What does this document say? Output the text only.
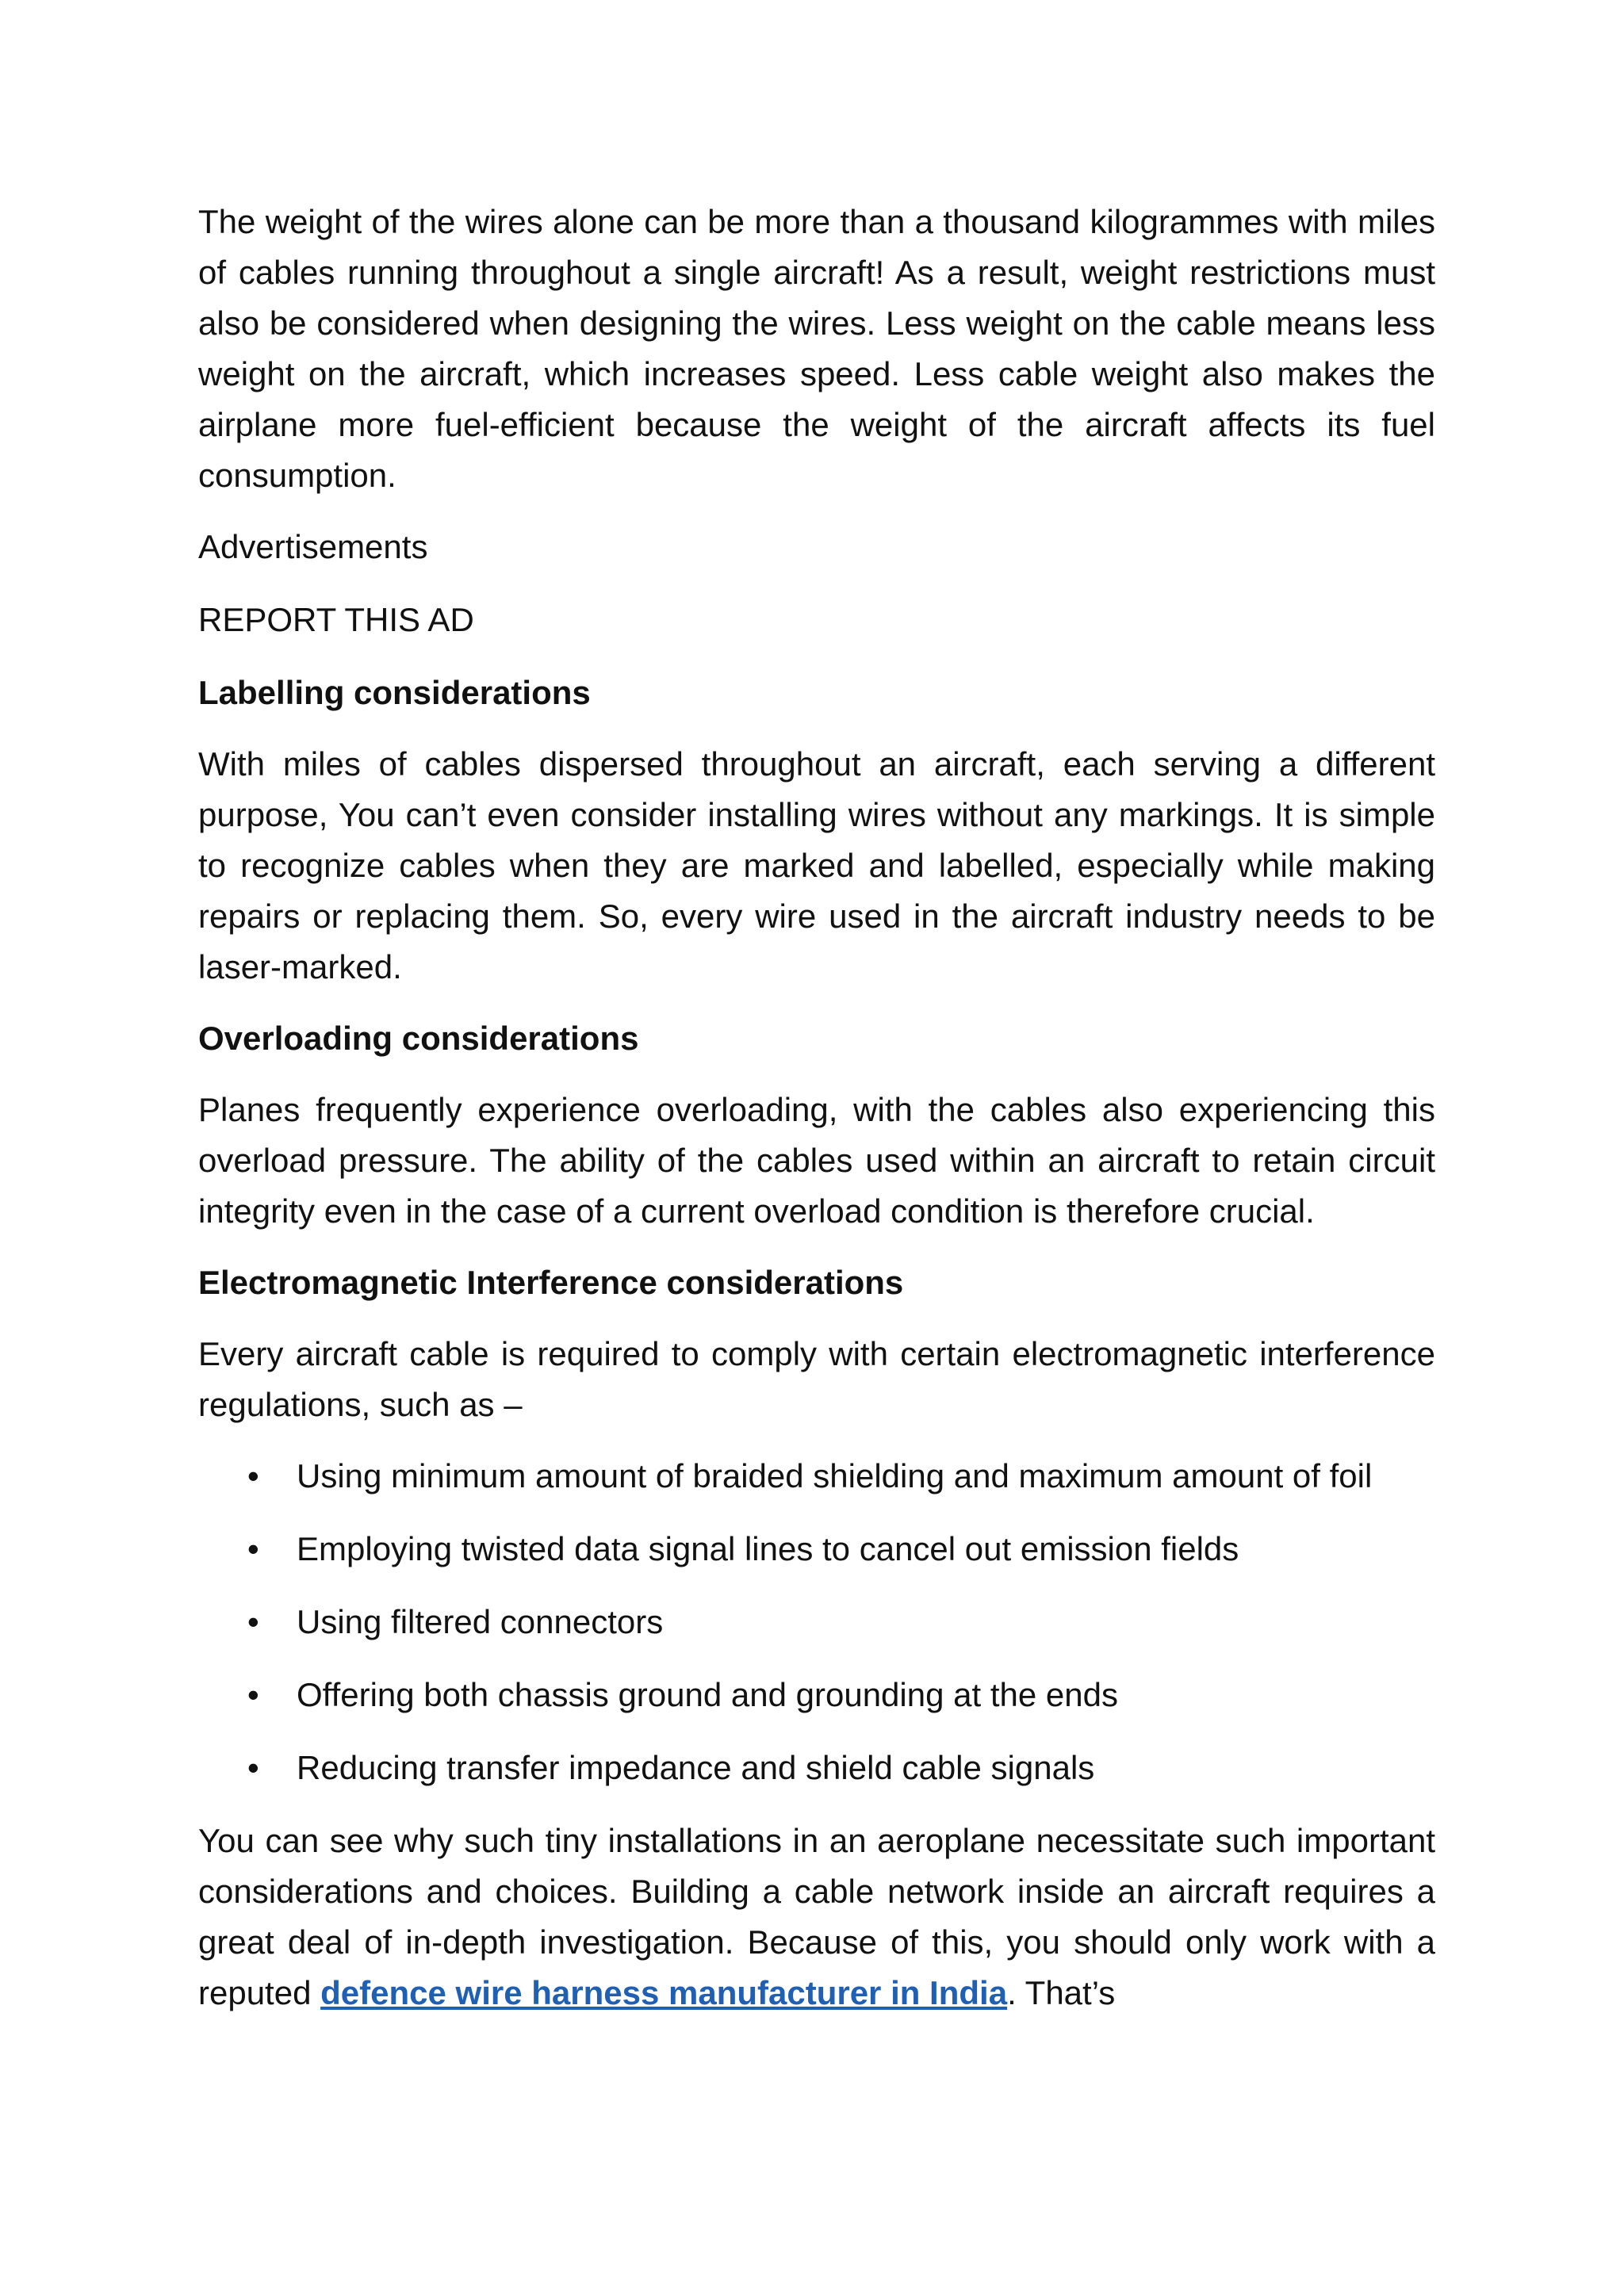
The weight of the wires alone can be more than a thousand kilogrammes with miles of cables running throughout a single aircraft! As a result, weight restrictions must also be considered when designing the wires. Less weight on the cable means less weight on the aircraft, which increases speed. Less cable weight also makes the airplane more fuel-efficient because the weight of the aircraft affects its fuel consumption.

Advertisements

REPORT THIS AD

Labelling considerations

With miles of cables dispersed throughout an aircraft, each serving a different purpose, You can’t even consider installing wires without any markings. It is simple to recognize cables when they are marked and labelled, especially while making repairs or replacing them. So, every wire used in the aircraft industry needs to be laser-marked.

Overloading considerations

Planes frequently experience overloading, with the cables also experiencing this overload pressure. The ability of the cables used within an aircraft to retain circuit integrity even in the case of a current overload condition is therefore crucial.

Electromagnetic Interference considerations

Every aircraft cable is required to comply with certain electromagnetic interference regulations, such as –

• Using minimum amount of braided shielding and maximum amount of foil
• Employing twisted data signal lines to cancel out emission fields
• Using filtered connectors
• Offering both chassis ground and grounding at the ends
• Reducing transfer impedance and shield cable signals

You can see why such tiny installations in an aeroplane necessitate such important considerations and choices. Building a cable network inside an aircraft requires a great deal of in-depth investigation. Because of this, you should only work with a reputed defence wire harness manufacturer in India. That’s
